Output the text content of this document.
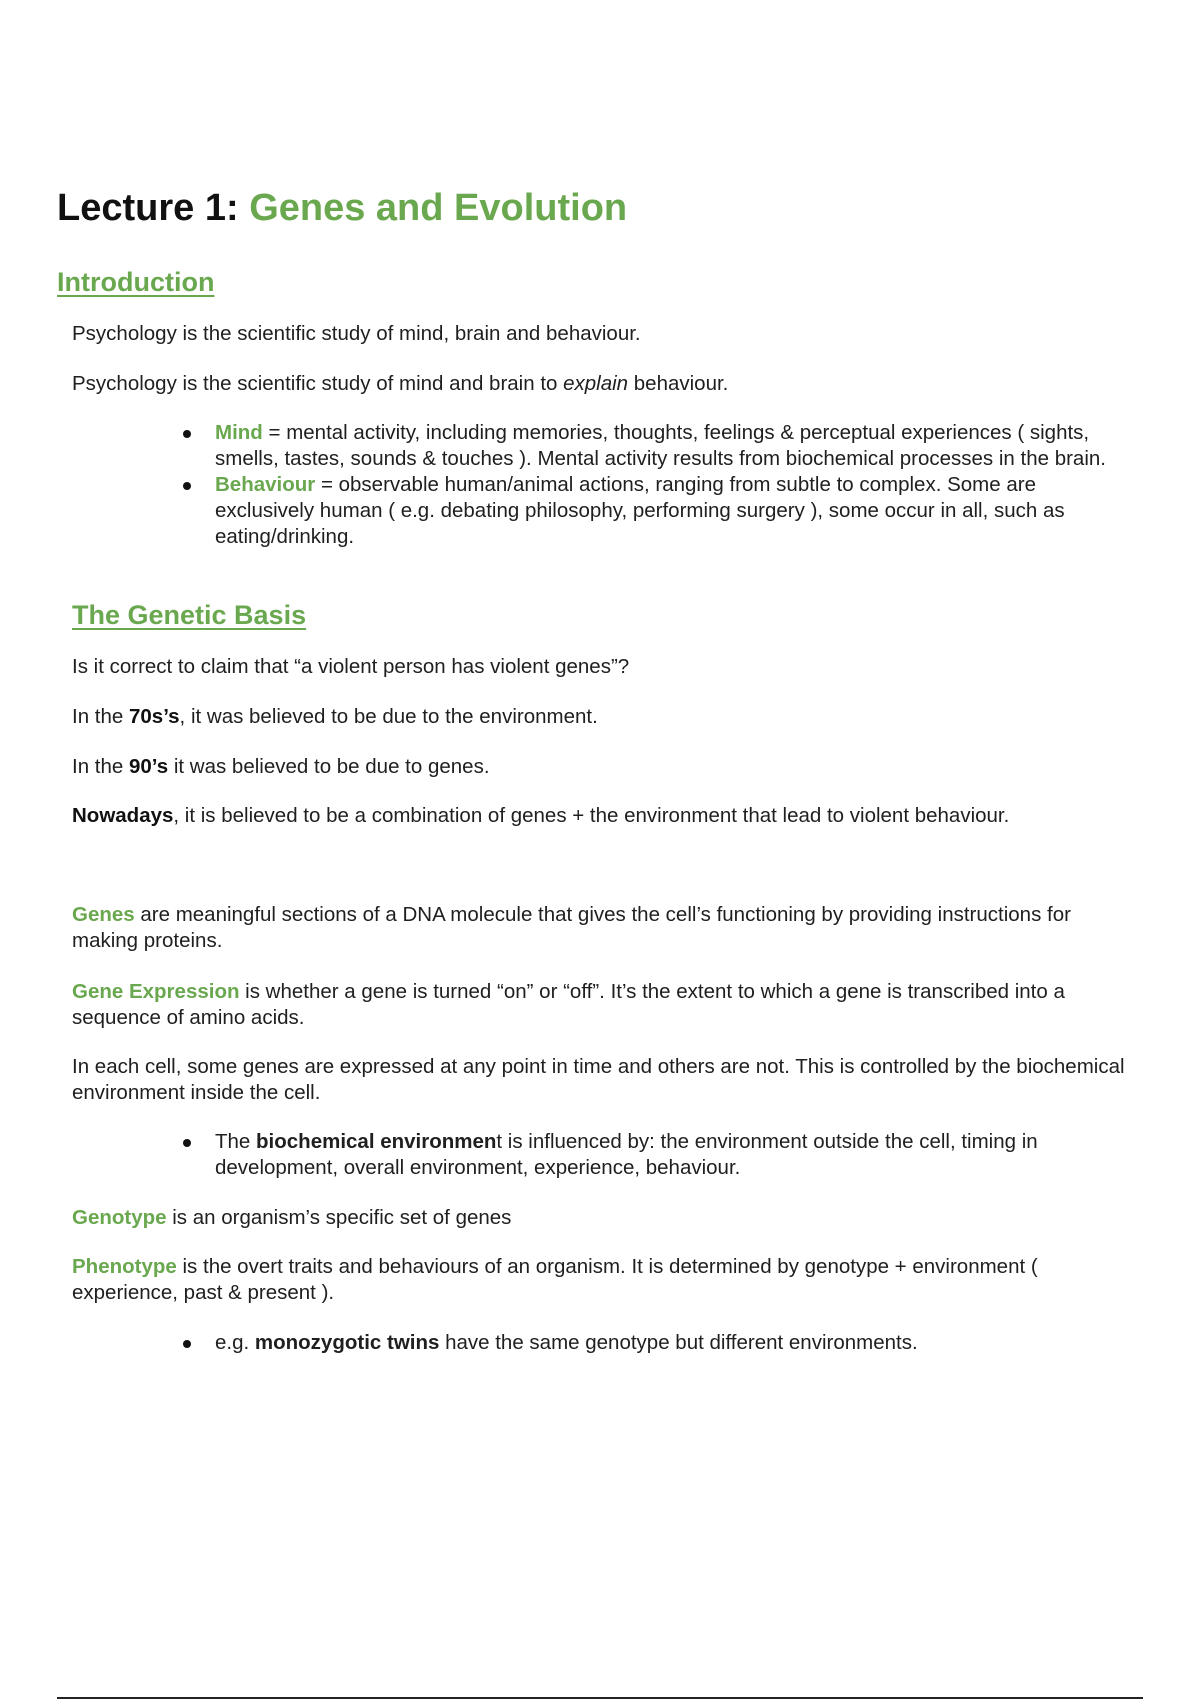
Lecture 1: Genes and Evolution
Introduction

Psychology is the scientific study of mind, brain and behaviour.

Psychology is the scientific study of mind and brain to explain behaviour.

Mind = mental activity, including memories, thoughts, feelings & perceptual experiences ( sights, smells, tastes, sounds & touches ). Mental activity results from biochemical processes in the brain.
Behaviour = observable human/animal actions, ranging from subtle to complex. Some are exclusively human ( e.g. debating philosophy, performing surgery ), some occur in all, such as eating/drinking.
The Genetic Basis

Is it correct to claim that “a violent person has violent genes”?

In the 70s’s, it was believed to be due to the environment.

In the 90’s it was believed to be due to genes.

Nowadays, it is believed to be a combination of genes + the environment that lead to violent behaviour.

Genes are meaningful sections of a DNA molecule that gives the cell’s functioning by providing instructions for making proteins.

Gene Expression is whether a gene is turned “on” or “off”. It’s the extent to which a gene is transcribed into a sequence of amino acids.

In each cell, some genes are expressed at any point in time and others are not. This is controlled by the biochemical environment inside the cell.

The biochemical environment is influenced by: the environment outside the cell, timing in development, overall environment, experience, behaviour.

Genotype is an organism’s specific set of genes

Phenotype is the overt traits and behaviours of an organism. It is determined by genotype + environment ( experience, past & present ).

e.g. monozygotic twins have the same genotype but different environments.
